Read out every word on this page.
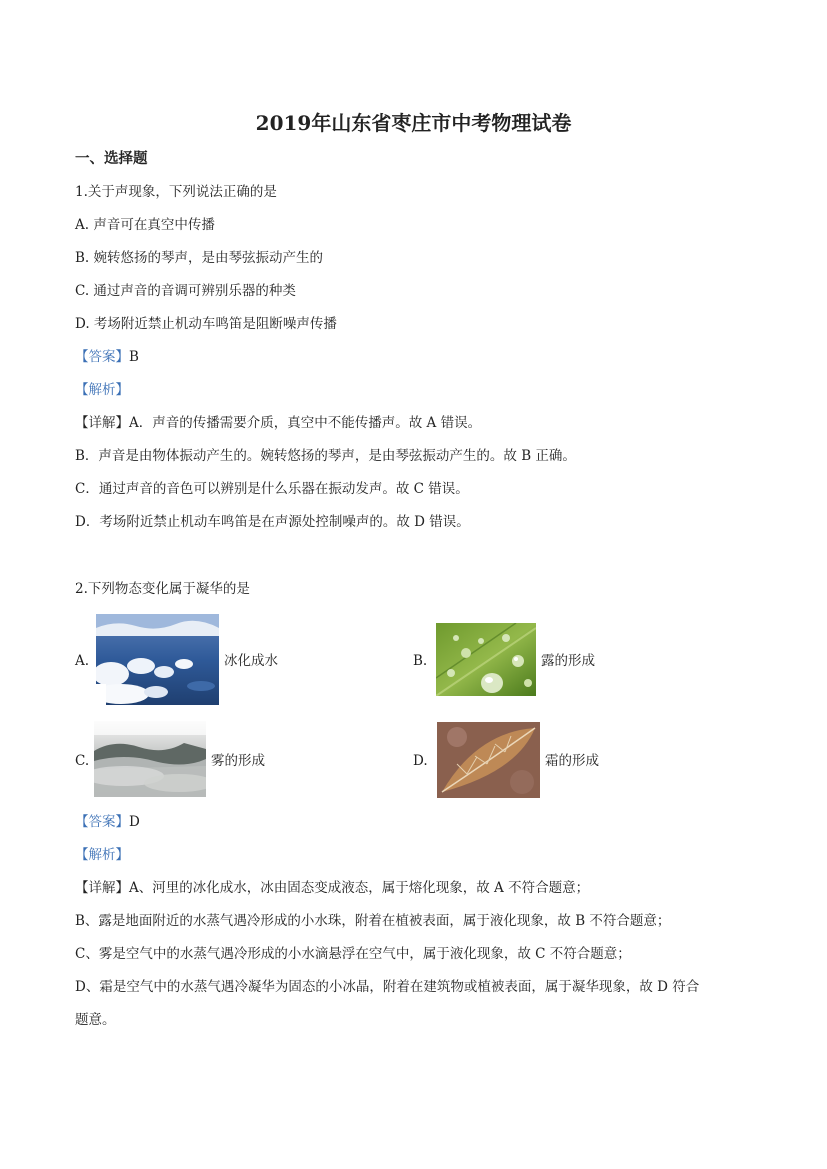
2019年山东省枣庄市中考物理试卷
一、选择题
1.关于声现象，下列说法正确的是
A. 声音可在真空中传播
B. 婉转悠扬的琴声，是由琴弦振动产生的
C. 通过声音的音调可辨别乐器的种类
D. 考场附近禁止机动车鸣笛是阻断噪声传播
【答案】B
【解析】
【详解】A．声音的传播需要介质，真空中不能传播声。故 A 错误。
B．声音是由物体振动产生的。婉转悠扬的琴声，是由琴弦振动产生的。故 B 正确。
C．通过声音的音色可以辨别是什么乐器在振动发声。故 C 错误。
D．考场附近禁止机动车鸣笛是在声源处控制噪声的。故 D 错误。
2.下列物态变化属于凝华的是
A.	冰化成水	B.	露的形成
C.	雾的形成	D.	霜的形成
【答案】D
【解析】
【详解】A、河里的冰化成水，冰由固态变成液态，属于熔化现象，故 A 不符合题意；
B、露是地面附近的水蒸气遇冷形成的小水珠，附着在植被表面，属于液化现象，故 B 不符合题意；
C、雾是空气中的水蒸气遇冷形成的小水滴悬浮在空气中，属于液化现象，故 C 不符合题意；
D、霜是空气中的水蒸气遇冷凝华为固态的小冰晶，附着在建筑物或植被表面，属于凝华现象，故 D 符合
题意。
